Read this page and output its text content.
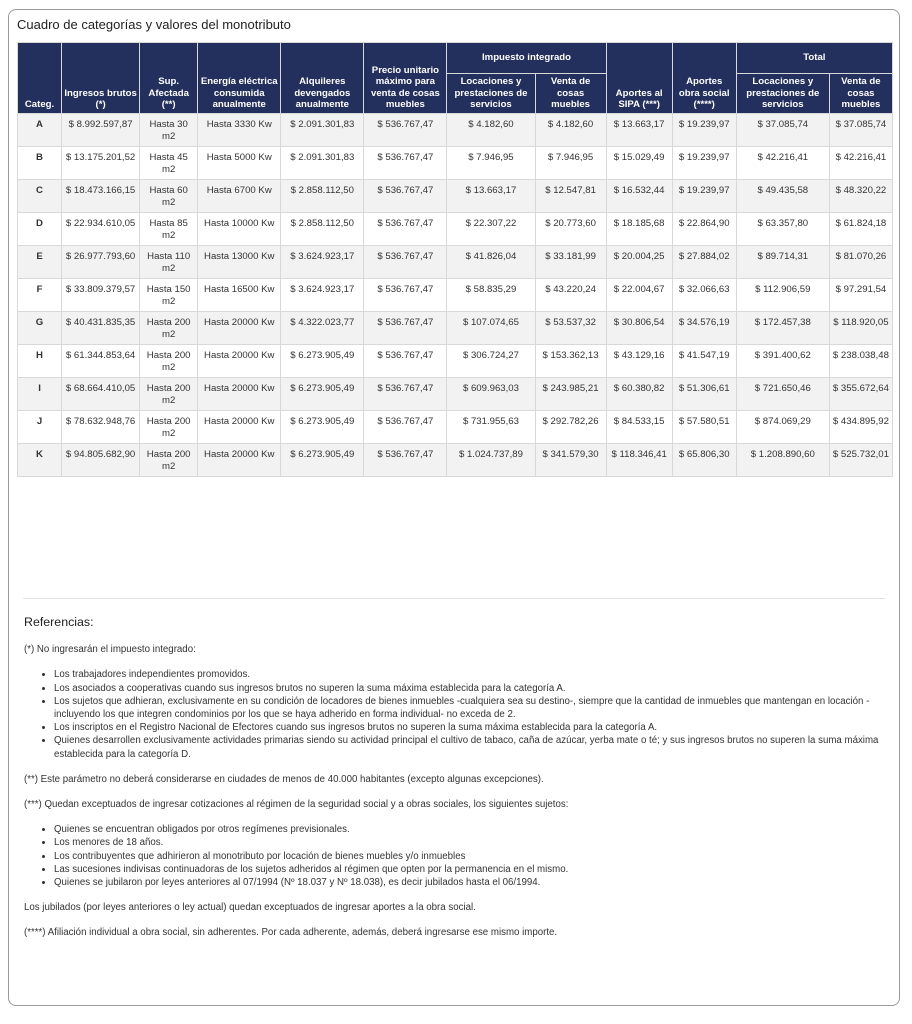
Cuadro de categorías y valores del monotributo
Categ.	Ingresos brutos (*)	Sup. Afectada (**)	Energía eléctrica consumida anualmente	Alquileres devengados anualmente	Precio unitario máximo para venta de cosas muebles	Impuesto integrado		Aportes al SIPA (***)	Aportes obra social (****)	Total	
						Locaciones y prestaciones de servicios	Venta de cosas muebles			Locaciones y prestaciones de servicios	Venta de cosas muebles
A	$ 8.992.597,87	Hasta 30 m2	Hasta 3330 Kw	$ 2.091.301,83	$ 536.767,47	$ 4.182,60	$ 4.182,60	$ 13.663,17	$ 19.239,97	$ 37.085,74	$ 37.085,74
B	$ 13.175.201,52	Hasta 45 m2	Hasta 5000 Kw	$ 2.091.301,83	$ 536.767,47	$ 7.946,95	$ 7.946,95	$ 15.029,49	$ 19.239,97	$ 42.216,41	$ 42.216,41
C	$ 18.473.166,15	Hasta 60 m2	Hasta 6700 Kw	$ 2.858.112,50	$ 536.767,47	$ 13.663,17	$ 12.547,81	$ 16.532,44	$ 19.239,97	$ 49.435,58	$ 48.320,22
D	$ 22.934.610,05	Hasta 85 m2	Hasta 10000 Kw	$ 2.858.112,50	$ 536.767,47	$ 22.307,22	$ 20.773,60	$ 18.185,68	$ 22.864,90	$ 63.357,80	$ 61.824,18
E	$ 26.977.793,60	Hasta 110 m2	Hasta 13000 Kw	$ 3.624.923,17	$ 536.767,47	$ 41.826,04	$ 33.181,99	$ 20.004,25	$ 27.884,02	$ 89.714,31	$ 81.070,26
F	$ 33.809.379,57	Hasta 150 m2	Hasta 16500 Kw	$ 3.624.923,17	$ 536.767,47	$ 58.835,29	$ 43.220,24	$ 22.004,67	$ 32.066,63	$ 112.906,59	$ 97.291,54
G	$ 40.431.835,35	Hasta 200 m2	Hasta 20000 Kw	$ 4.322.023,77	$ 536.767,47	$ 107.074,65	$ 53.537,32	$ 30.806,54	$ 34.576,19	$ 172.457,38	$ 118.920,05
H	$ 61.344.853,64	Hasta 200 m2	Hasta 20000 Kw	$ 6.273.905,49	$ 536.767,47	$ 306.724,27	$ 153.362,13	$ 43.129,16	$ 41.547,19	$ 391.400,62	$ 238.038,48
I	$ 68.664.410,05	Hasta 200 m2	Hasta 20000 Kw	$ 6.273.905,49	$ 536.767,47	$ 609.963,03	$ 243.985,21	$ 60.380,82	$ 51.306,61	$ 721.650,46	$ 355.672,64
J	$ 78.632.948,76	Hasta 200 m2	Hasta 20000 Kw	$ 6.273.905,49	$ 536.767,47	$ 731.955,63	$ 292.782,26	$ 84.533,15	$ 57.580,51	$ 874.069,29	$ 434.895,92
K	$ 94.805.682,90	Hasta 200 m2	Hasta 20000 Kw	$ 6.273.905,49	$ 536.767,47	$ 1.024.737,89	$ 341.579,30	$ 118.346,41	$ 65.806,30	$ 1.208.890,60	$ 525.732,01
Referencias:

(*) No ingresarán el impuesto integrado:

• Los trabajadores independientes promovidos.
• Los asociados a cooperativas cuando sus ingresos brutos no superen la suma máxima establecida para la categoría A.
• Los sujetos que adhieran, exclusivamente en su condición de locadores de bienes inmuebles -cualquiera sea su destino-, siempre que la cantidad de inmuebles que mantengan en locación -incluyendo los que integren condominios por los que se haya adherido en forma individual- no exceda de 2.
• Los inscriptos en el Registro Nacional de Efectores cuando sus ingresos brutos no superen la suma máxima establecida para la categoría A.
• Quienes desarrollen exclusivamente actividades primarias siendo su actividad principal el cultivo de tabaco, caña de azúcar, yerba mate o té; y sus ingresos brutos no superen la suma máxima establecida para la categoría D.

(**) Este parámetro no deberá considerarse en ciudades de menos de 40.000 habitantes (excepto algunas excepciones).

(***) Quedan exceptuados de ingresar cotizaciones al régimen de la seguridad social y a obras sociales, los siguientes sujetos:

• Quienes se encuentran obligados por otros regímenes previsionales.
• Los menores de 18 años.
• Los contribuyentes que adhirieron al monotributo por locación de bienes muebles y/o inmuebles
• Las sucesiones indivisas continuadoras de los sujetos adheridos al régimen que opten por la permanencia en el mismo.
• Quienes se jubilaron por leyes anteriores al 07/1994 (Nº 18.037 y Nº 18.038), es decir jubilados hasta el 06/1994.

Los jubilados (por leyes anteriores o ley actual) quedan exceptuados de ingresar aportes a la obra social.

(****) Afiliación individual a obra social, sin adherentes. Por cada adherente, además, deberá ingresarse ese mismo importe.
